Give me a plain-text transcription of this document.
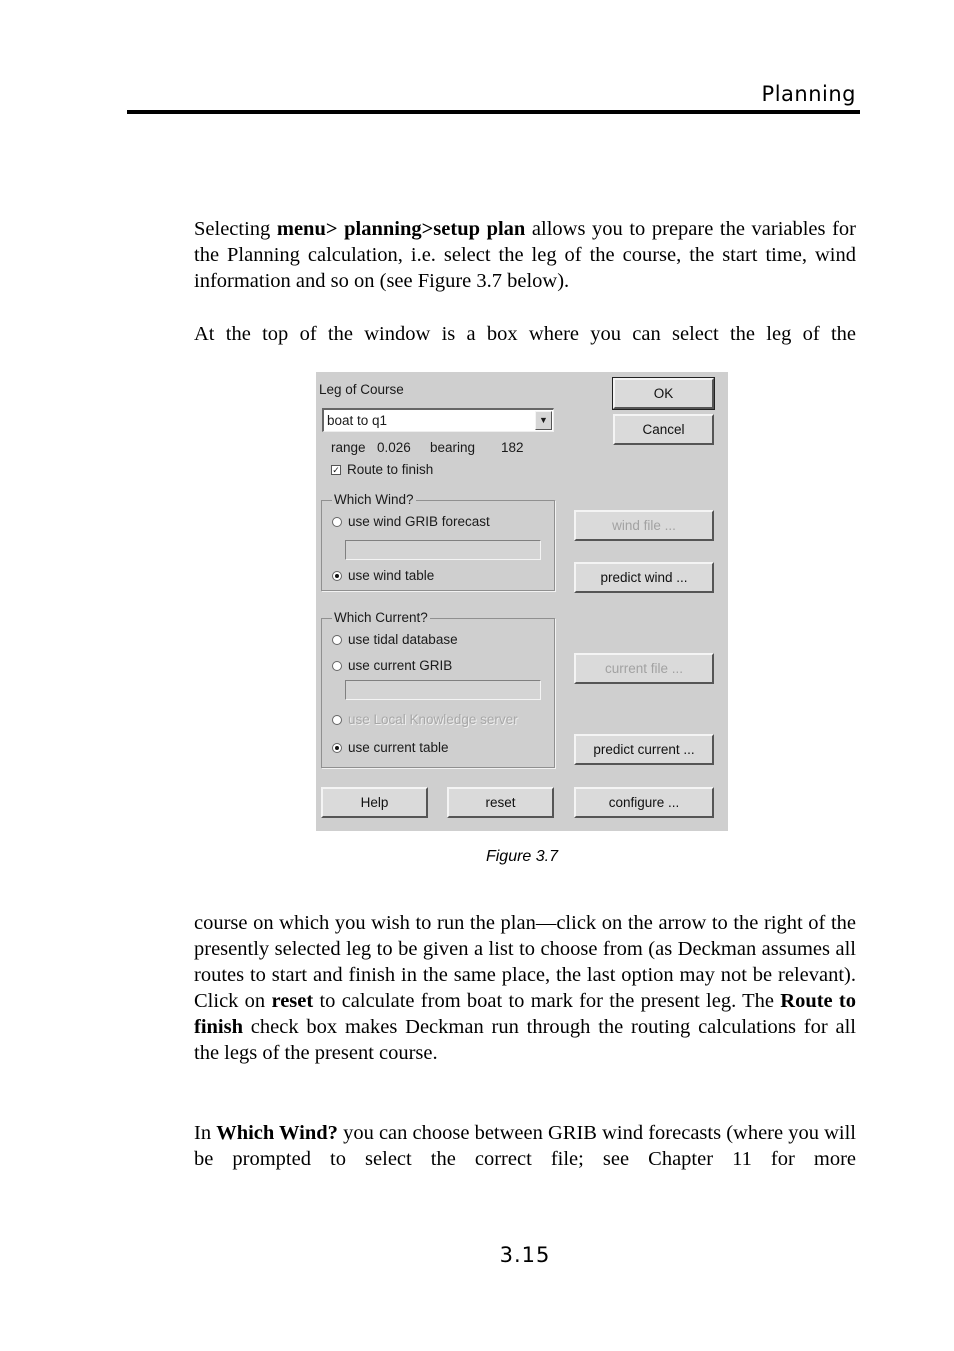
Planning
Selecting menu> planning>setup plan allows you to prepare the variables for the Planning calculation, i.e. select the leg of the course, the start time, wind information and so on (see Figure 3.7 below).
At the top of the window is a box where you can select the leg of the
Leg of Course
boat to q1	▼
range 0.026 bearing 182
✓ Route to finish
OK
Cancel
Which Wind?
use wind GRIB forecast
use wind table
wind file ...
predict wind ...
Which Current?
use tidal database
use current GRIB
use Local Knowledge server
use current table
current file ...
predict current ...
Help	reset	configure ...
Figure 3.7
course on which you wish to run the plan—click on the arrow to the right of the presently selected leg to be given a list to choose from (as Deckman assumes all routes to start and finish in the same place, the last option may not be relevant). Click on reset to calculate from boat to mark for the present leg. The Route to finish check box makes Deckman run through the routing calculations for all the legs of the present course.
In Which Wind? you can choose between GRIB wind forecasts (where you will be prompted to select the correct file; see Chapter 11 for more
3.15
